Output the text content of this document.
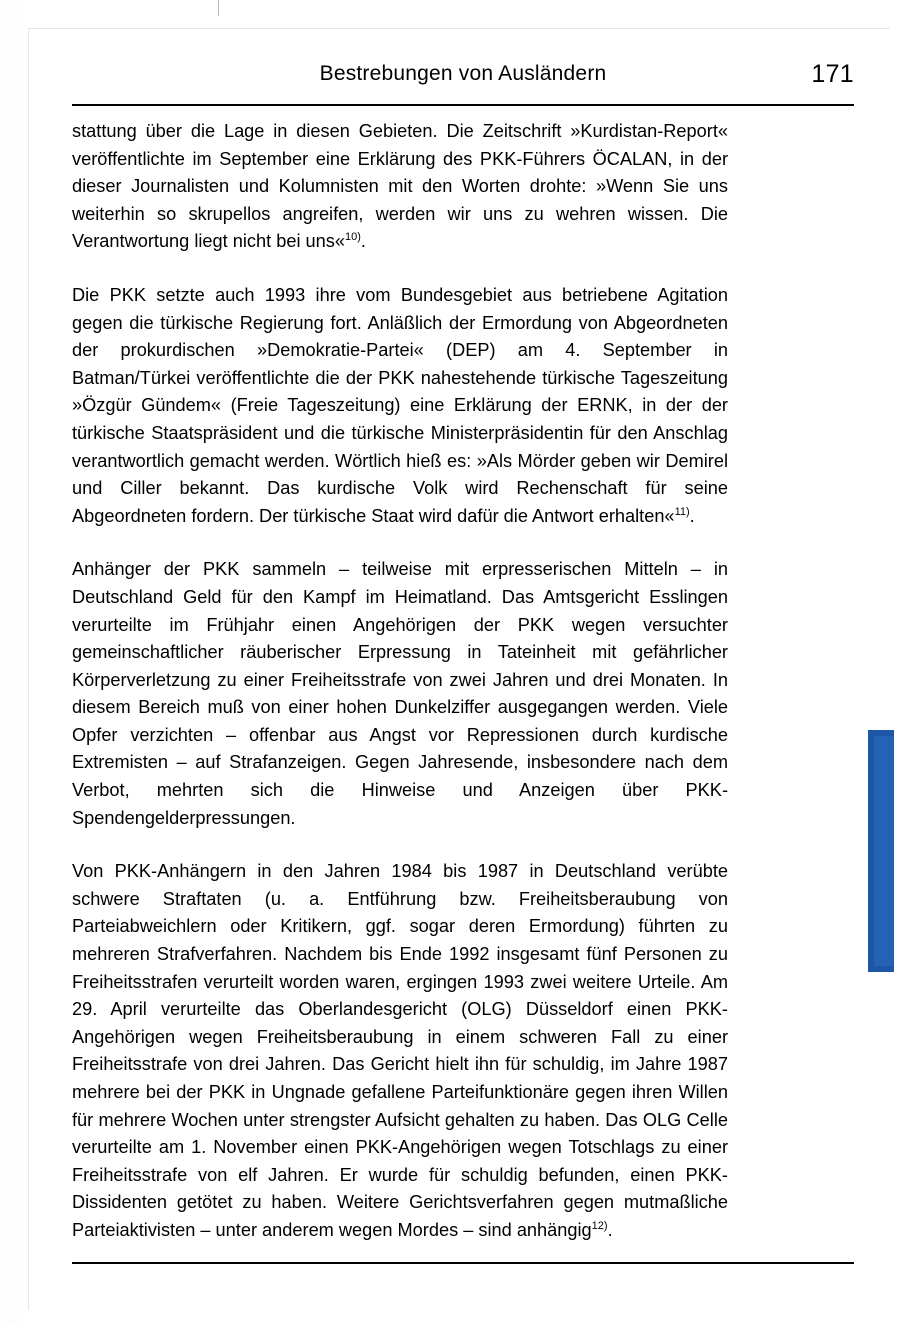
Bestrebungen von Ausländern	171

stattung über die Lage in diesen Gebieten. Die Zeitschrift »Kurdistan-Report« veröffentlichte im September eine Erklärung des PKK-Führers ÖCALAN, in der dieser Journalisten und Kolumnisten mit den Worten drohte: »Wenn Sie uns weiterhin so skrupellos angreifen, werden wir uns zu wehren wissen. Die Verantwortung liegt nicht bei uns«$^{10)}$.

Die PKK setzte auch 1993 ihre vom Bundesgebiet aus betriebene Agitation gegen die türkische Regierung fort. Anläßlich der Ermordung von Abgeordneten der prokurdischen »Demokratie-Partei« (DEP) am 4. September in Batman/Türkei veröffentlichte die der PKK nahestehende türkische Tageszeitung »Özgür Gündem« (Freie Tageszeitung) eine Erklärung der ERNK, in der der türkische Staatspräsident und die türkische Ministerpräsidentin für den Anschlag verantwortlich gemacht werden. Wörtlich hieß es: »Als Mörder geben wir Demirel und Ciller bekannt. Das kurdische Volk wird Rechenschaft für seine Abgeordneten fordern. Der türkische Staat wird dafür die Antwort erhalten«$^{11)}$.

Anhänger der PKK sammeln – teilweise mit erpresserischen Mitteln – in Deutschland Geld für den Kampf im Heimatland. Das Amtsgericht Esslingen verurteilte im Frühjahr einen Angehörigen der PKK wegen versuchter gemeinschaftlicher räuberischer Erpressung in Tateinheit mit gefährlicher Körperverletzung zu einer Freiheitsstrafe von zwei Jahren und drei Monaten. In diesem Bereich muß von einer hohen Dunkelziffer ausgegangen werden. Viele Opfer verzichten – offenbar aus Angst vor Repressionen durch kurdische Extremisten – auf Strafanzeigen. Gegen Jahresende, insbesondere nach dem Verbot, mehrten sich die Hinweise und Anzeigen über PKK-Spendengelderpressungen.

Von PKK-Anhängern in den Jahren 1984 bis 1987 in Deutschland verübte schwere Straftaten (u. a. Entführung bzw. Freiheitsberaubung von Parteiabweichlern oder Kritikern, ggf. sogar deren Ermordung) führten zu mehreren Strafverfahren. Nachdem bis Ende 1992 insgesamt fünf Personen zu Freiheitsstrafen verurteilt worden waren, ergingen 1993 zwei weitere Urteile. Am 29. April verurteilte das Oberlandesgericht (OLG) Düsseldorf einen PKK-Angehörigen wegen Freiheitsberaubung in einem schweren Fall zu einer Freiheitsstrafe von drei Jahren. Das Gericht hielt ihn für schuldig, im Jahre 1987 mehrere bei der PKK in Ungnade gefallene Parteifunktionäre gegen ihren Willen für mehrere Wochen unter strengster Aufsicht gehalten zu haben. Das OLG Celle verurteilte am 1. November einen PKK-Angehörigen wegen Totschlags zu einer Freiheitsstrafe von elf Jahren. Er wurde für schuldig befunden, einen PKK-Dissidenten getötet zu haben. Weitere Gerichtsverfahren gegen mutmaßliche Parteiaktivisten – unter anderem wegen Mordes – sind anhängig$^{12)}$.
